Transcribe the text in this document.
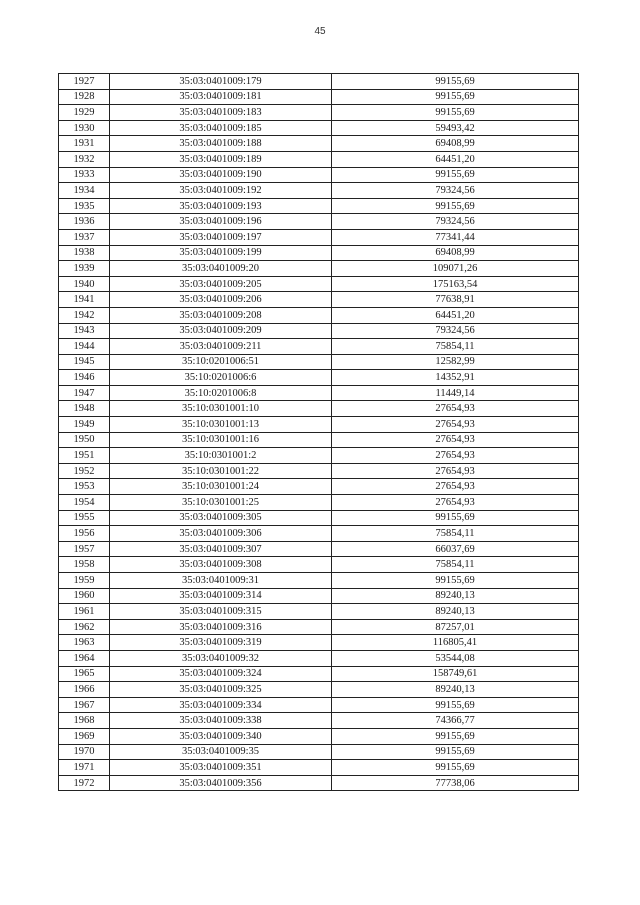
45
1927	35:03:0401009:179	99155,69
1928	35:03:0401009:181	99155,69
1929	35:03:0401009:183	99155,69
1930	35:03:0401009:185	59493,42
1931	35:03:0401009:188	69408,99
1932	35:03:0401009:189	64451,20
1933	35:03:0401009:190	99155,69
1934	35:03:0401009:192	79324,56
1935	35:03:0401009:193	99155,69
1936	35:03:0401009:196	79324,56
1937	35:03:0401009:197	77341,44
1938	35:03:0401009:199	69408,99
1939	35:03:0401009:20	109071,26
1940	35:03:0401009:205	175163,54
1941	35:03:0401009:206	77638,91
1942	35:03:0401009:208	64451,20
1943	35:03:0401009:209	79324,56
1944	35:03:0401009:211	75854,11
1945	35:10:0201006:51	12582,99
1946	35:10:0201006:6	14352,91
1947	35:10:0201006:8	11449,14
1948	35:10:0301001:10	27654,93
1949	35:10:0301001:13	27654,93
1950	35:10:0301001:16	27654,93
1951	35:10:0301001:2	27654,93
1952	35:10:0301001:22	27654,93
1953	35:10:0301001:24	27654,93
1954	35:10:0301001:25	27654,93
1955	35:03:0401009:305	99155,69
1956	35:03:0401009:306	75854,11
1957	35:03:0401009:307	66037,69
1958	35:03:0401009:308	75854,11
1959	35:03:0401009:31	99155,69
1960	35:03:0401009:314	89240,13
1961	35:03:0401009:315	89240,13
1962	35:03:0401009:316	87257,01
1963	35:03:0401009:319	116805,41
1964	35:03:0401009:32	53544,08
1965	35:03:0401009:324	158749,61
1966	35:03:0401009:325	89240,13
1967	35:03:0401009:334	99155,69
1968	35:03:0401009:338	74366,77
1969	35:03:0401009:340	99155,69
1970	35:03:0401009:35	99155,69
1971	35:03:0401009:351	99155,69
1972	35:03:0401009:356	77738,06
